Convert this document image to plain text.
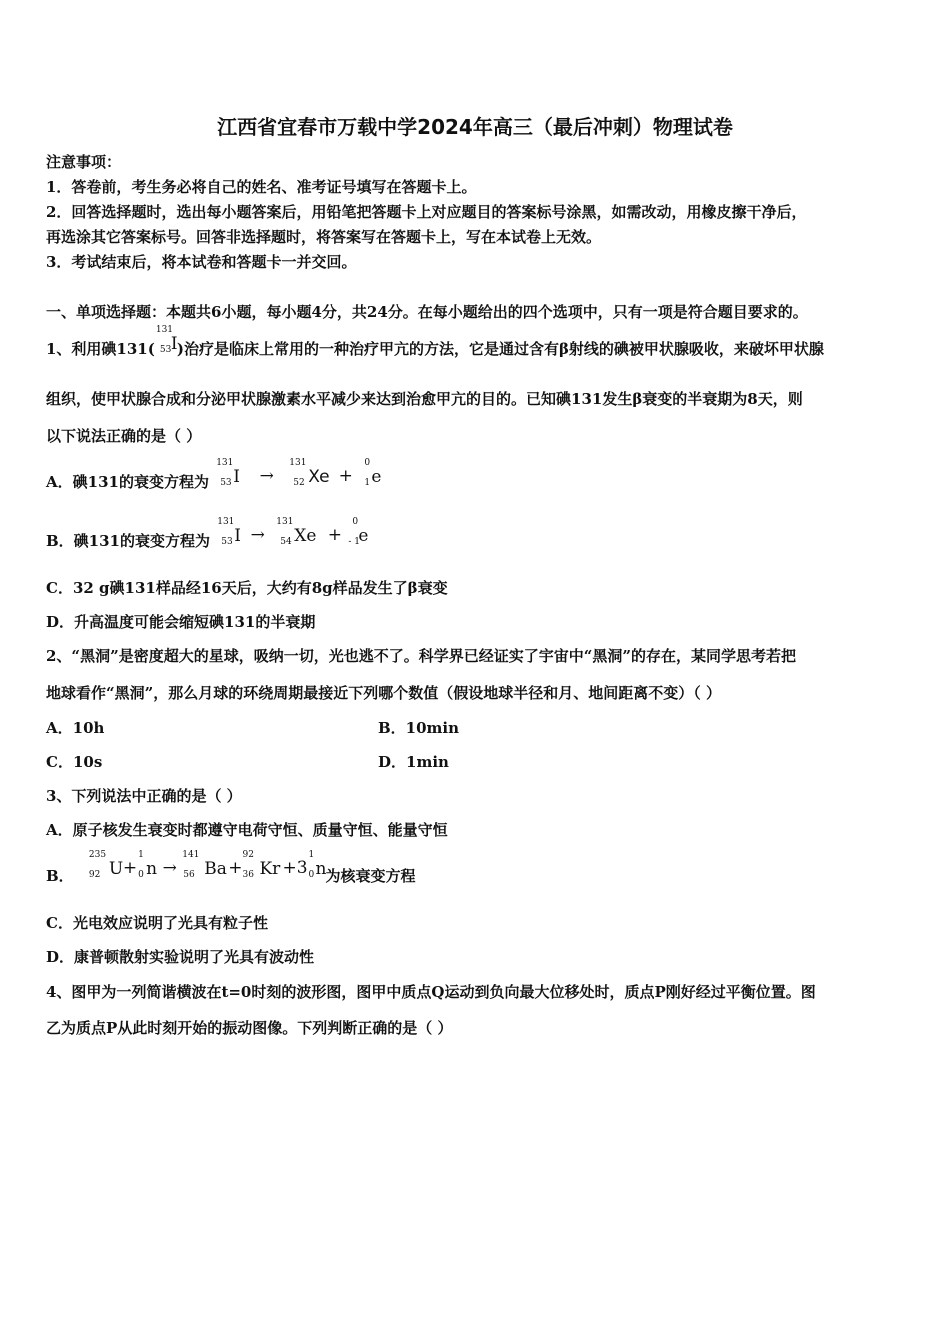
江西省宜春市万载中学2024年高三（最后冲刺）物理试卷
注意事项：
1．答卷前，考生务必将自己的姓名、准考证号填写在答题卡上。
2．回答选择题时，选出每小题答案后，用铅笔把答题卡上对应题目的答案标号涂黑，如需改动，用橡皮擦干净后，
再选涂其它答案标号。回答非选择题时，将答案写在答题卡上，写在本试卷上无效。
3．考试结束后，将本试卷和答题卡一并交回。
一、单项选择题：本题共6小题，每小题4分，共24分。在每小题给出的四个选项中，只有一项是符合题目要求的。
1、利用碘131(
131
53 I)治疗是临床上常用的一种治疗甲亢的方法，它是通过含有β射线的碘被甲状腺吸收，来破坏甲状腺
组织，使甲状腺合成和分泌甲状腺激素水平减少来达到治愈甲亢的目的。已知碘131发生β衰变的半衰期为8天，则
以下说法正确的是（ ）
A．碘131的衰变方程为
131
53 I →
131
52 Xe +
0
1 e
B．碘131的衰变方程为
131
53 I →
131
54 Xe +
0
- 1
e
C．32 g碘131样品经16天后，大约有8g样品发生了β衰变
D．升高温度可能会缩短碘131的半衰期
2、“黑洞”是密度超大的星球，吸纳一切，光也逃不了。科学界已经证实了宇宙中“黑洞”的存在，某同学思考若把
地球看作“黑洞”，那么月球的环绕周期最接近下列哪个数值（假设地球半径和月、地间距离不变）（ ）
A．10h	B．10min
C．10s	D．1min
3、下列说法中正确的是（ ）
A．原子核发生衰变时都遵守电荷守恒、质量守恒、能量守恒
B．
235
92 U+
1
0 n →
141
56 Ba+
92
36 Kr +3
1
0 n为核衰变方程
C．光电效应说明了光具有粒子性
D．康普顿散射实验说明了光具有波动性
4、图甲为一列简谐横波在t=0时刻的波形图，图甲中质点Q运动到负向最大位移处时，质点P刚好经过平衡位置。图
乙为质点P从此时刻开始的振动图像。下列判断正确的是（ ）
